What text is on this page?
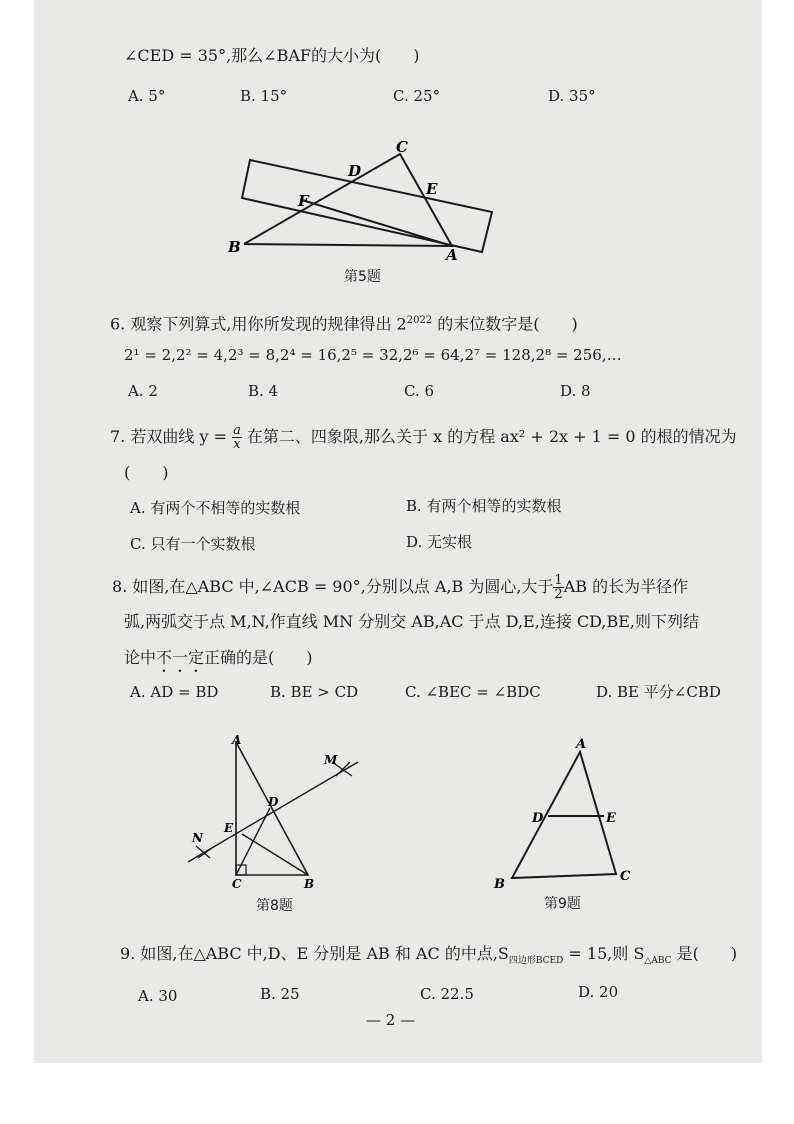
∠CED = 35°,那么∠BAF的大小为(　　)
A. 5°	B. 15°	C. 25°	D. 35°
B	A
C
D
E
F
第5题
6. 观察下列算式,用你所发现的规律得出 $2^{2022}$ 的末位数字是(　　)
2¹ = 2,2² = 4,2³ = 8,2⁴ = 16,2⁵ = 32,2⁶ = 64,2⁷ = 128,2⁸ = 256,…
A. 2	B. 4	C. 6	D. 8
7. 若双曲线 $y = \frac{a}{x}$ 在第二、四象限,那么关于 x 的方程 ax² + 2x + 1 = 0 的根的情况为
(　　)
A. 有两个不相等的实数根	B. 有两个相等的实数根
C. 只有一个实数根	D. 无实根
8. 如图,在△ABC 中,∠ACB = 90°,分别以点 A,B 为圆心,大于 $\frac{1}{2}$ AB 的长为半径作
弧,两弧交于点 M,N,作直线 MN 分别交 AB,AC 于点 D,E,连接 CD,BE,则下列结
论中不一定正确的是(　　)
A. AD = BD	B. BE > CD	C. ∠BEC = ∠BDC	D. BE 平分∠CBD
A
B
C
D
E
M
N
第8题
A
B
C
D	E
第9题
9. 如图,在△ABC 中,D、E 分别是 AB 和 AC 的中点$,S_{四边形BCED} = 15$,则 $S_{\triangle ABC}$ 是(　　)
A. 30	B. 25	C. 22.5	D. 20
— 2 —
